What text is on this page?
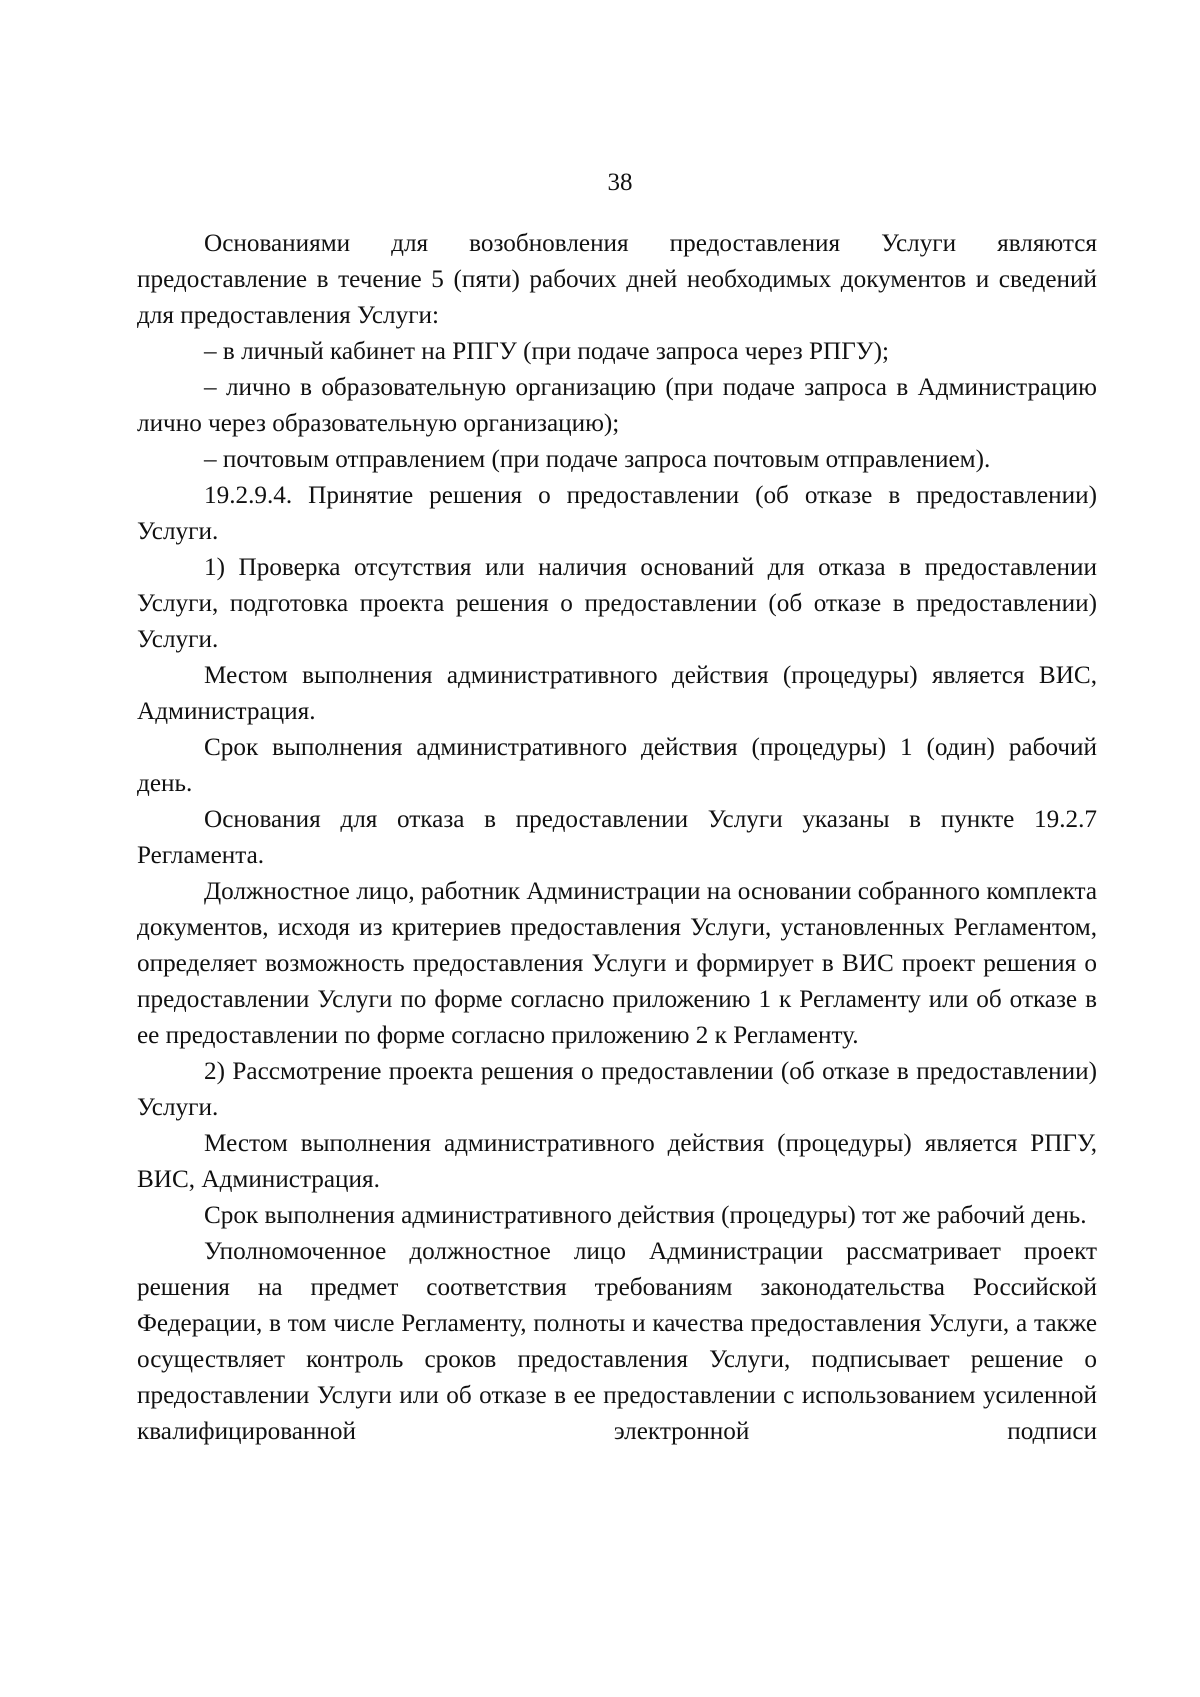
38

Основаниями для возобновления предоставления Услуги являются предоставление в течение 5 (пяти) рабочих дней необходимых документов и сведений для предоставления Услуги:

– в личный кабинет на РПГУ (при подаче запроса через РПГУ);

– лично в образовательную организацию (при подаче запроса в Администрацию лично через образовательную организацию);

– почтовым отправлением (при подаче запроса почтовым отправлением).

19.2.9.4. Принятие решения о предоставлении (об отказе в предоставлении) Услуги.

1) Проверка отсутствия или наличия оснований для отказа в предоставлении Услуги, подготовка проекта решения о предоставлении (об отказе в предоставлении) Услуги.

Местом выполнения административного действия (процедуры) является ВИС, Администрация.

Срок выполнения административного действия (процедуры) 1 (один) рабочий день.

Основания для отказа в предоставлении Услуги указаны в пункте 19.2.7 Регламента.

Должностное лицо, работник Администрации на основании собранного комплекта документов, исходя из критериев предоставления Услуги, установленных Регламентом, определяет возможность предоставления Услуги и формирует в ВИС проект решения о предоставлении Услуги по форме согласно приложению 1 к Регламенту или об отказе в ее предоставлении по форме согласно приложению 2 к Регламенту.

2) Рассмотрение проекта решения о предоставлении (об отказе в предоставлении) Услуги.

Местом выполнения административного действия (процедуры) является РПГУ, ВИС, Администрация.

Срок выполнения административного действия (процедуры) тот же рабочий день.

Уполномоченное должностное лицо Администрации рассматривает проект решения на предмет соответствия требованиям законодательства Российской Федерации, в том числе Регламенту, полноты и качества предоставления Услуги, а также осуществляет контроль сроков предоставления Услуги, подписывает решение о предоставлении Услуги или об отказе в ее предоставлении с использованием усиленной квалифицированной электронной подписи
